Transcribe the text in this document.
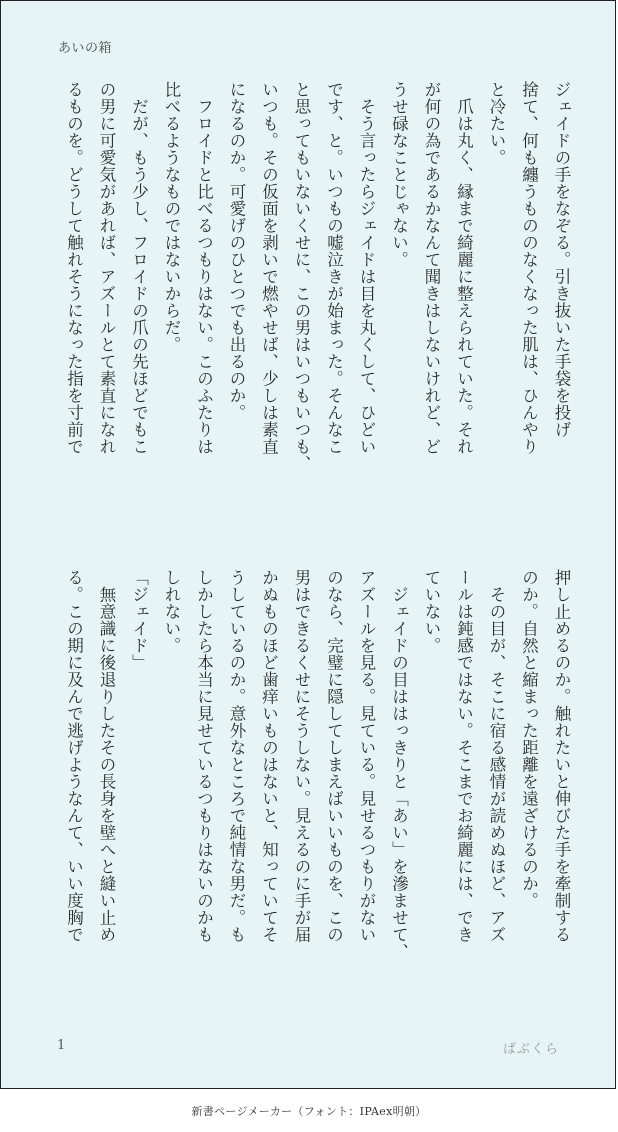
あいの箱
ジェイドの手をなぞる。引き抜いた手袋を投げ
捨て、何も纏うもののなくなった肌は、ひんやり
と冷たい。
　爪は丸く、縁まで綺麗に整えられていた。それ
が何の為であるかなんて聞きはしないけれど、ど
うせ碌なことじゃない。
　そう言ったらジェイドは目を丸くして、ひどい
です、と。いつもの嘘泣きが始まった。そんなこ
と思ってもいないくせに、この男はいつもいつも、
いつも。その仮面を剥いで燃やせば、少しは素直
になるのか。可愛げのひとつでも出るのか。
　フロイドと比べるつもりはない。このふたりは
比べるようなものではないからだ。
　だが、もう少し、フロイドの爪の先ほどでもこ
の男に可愛気があれば、アズールとて素直になれ
るものを。どうして触れそうになった指を寸前で
押し止めるのか。触れたいと伸びた手を牽制する
のか。自然と縮まった距離を遠ざけるのか。
　その目が、そこに宿る感情が読めぬほど、アズ
ールは鈍感ではない。そこまでお綺麗には、でき
ていない。
　ジェイドの目ははっきりと「あい」を滲ませて、
アズールを見る。見ている。見せるつもりがない
のなら、完璧に隠してしまえばいいものを、この
男はできるくせにそうしない。見えるのに手が届
かぬものほど歯痒いものはないと、知っていてそ
うしているのか。意外なところで純情な男だ。も
しかしたら本当に見せているつもりはないのかも
しれない。
「ジェイド」
　無意識に後退りしたその長身を壁へと縫い止め
る。この期に及んで逃げようなんて、いい度胸で
1	ぱぶくら
新書ページメーカー（フォント：IPAex明朝）
